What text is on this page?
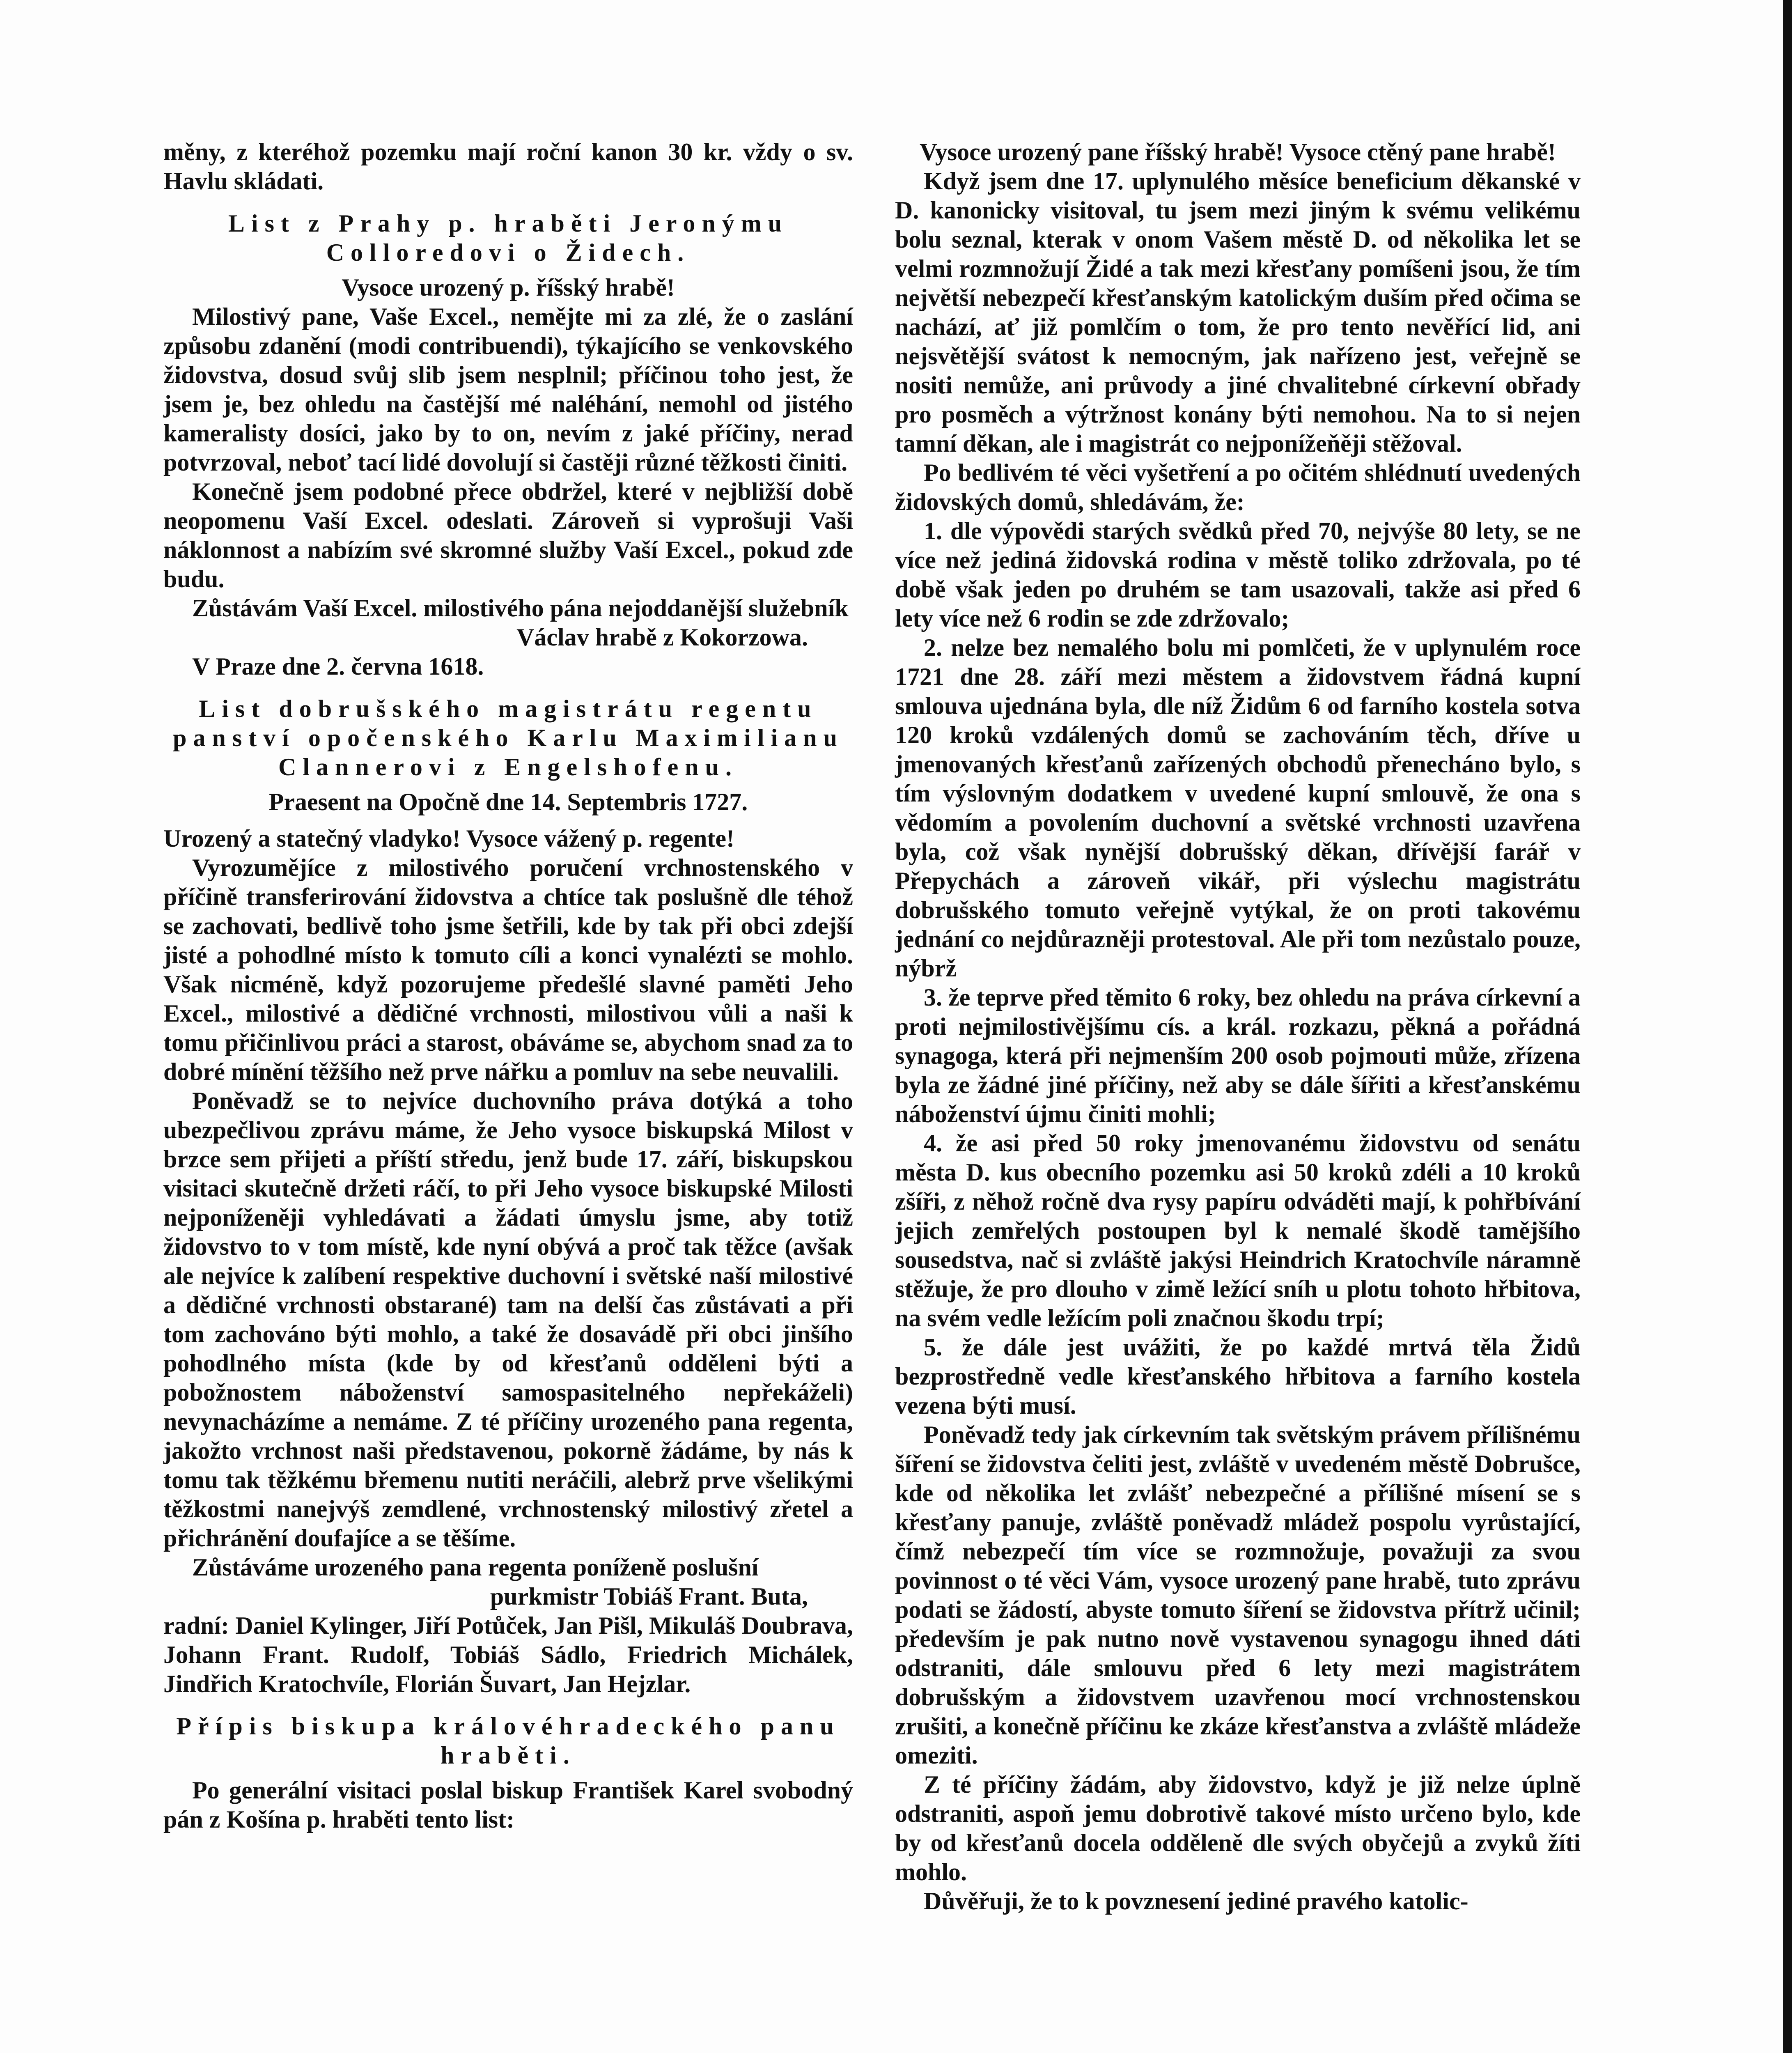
měny, z kteréhož pozemku mají roční kanon 30 kr. vždy o sv. Havlu skládati.

List z Prahy p. hraběti Jeronýmu Colloredovi o Židech.

Vysoce urozený p. říšský hrabě!

Milostivý pane, Vaše Excel., nemějte mi za zlé, že o zaslání způsobu zdanění (modi contribuendi), týkajícího se venkovského židovstva, dosud svůj slib jsem nesplnil; příčinou toho jest, že jsem je, bez ohledu na častější mé naléhání, nemohl od jistého kameralisty dosíci, jako by to on, nevím z jaké příčiny, nerad potvrzoval, neboť tací lidé dovolují si častěji různé těžkosti činiti.

Konečně jsem podobné přece obdržel, které v nejbližší době neopomenu Vaší Excel. odeslati. Zároveň si vyprošuji Vaši náklonnost a nabízím své skromné služby Vaší Excel., pokud zde budu.

Zůstávám Vaší Excel. milostivého pána nejoddanější služebník

Václav hrabě z Kokorzowa.

V Praze dne 2. června 1618.

List dobrušského magistrátu regentu panství opočenského Karlu Maximilianu Clannerovi z Engelshofenu.

Praesent na Opočně dne 14. Septembris 1727.

Urozený a statečný vladyko! Vysoce vážený p. regente!

Vyrozumějíce z milostivého poručení vrchnostenského v příčině transferirování židovstva a chtíce tak poslušně dle téhož se zachovati, bedlivě toho jsme šetřili, kde by tak při obci zdejší jisté a pohodlné místo k tomuto cíli a konci vynalézti se mohlo. Však nicméně, když pozorujeme předešlé slavné paměti Jeho Excel., milostivé a dědičné vrchnosti, milostivou vůli a naši k tomu přičinlivou práci a starost, obáváme se, abychom snad za to dobré mínění těžšího než prve nářku a pomluv na sebe neuvalili.

Poněvadž se to nejvíce duchovního práva dotýká a toho ubezpečlivou zprávu máme, že Jeho vysoce biskupská Milost v brzce sem přijeti a příští středu, jenž bude 17. září, biskupskou visitaci skutečně držeti ráčí, to při Jeho vysoce biskupské Milosti nejponíženěji vyhledávati a žádati úmyslu jsme, aby totiž židovstvo to v tom místě, kde nyní obývá a proč tak těžce (avšak ale nejvíce k zalíbení respektive duchovní i světské naší milostivé a dědičné vrchnosti obstarané) tam na delší čas zůstávati a při tom zachováno býti mohlo, a také že dosavádě při obci jinšího pohodlného místa (kde by od křesťanů odděleni býti a pobožnostem náboženství samospasitelného nepřekáželi) nevynacházíme a nemáme. Z té příčiny urozeného pana regenta, jakožto vrchnost naši představenou, pokorně žádáme, by nás k tomu tak těžkému břemenu nutiti neráčili, alebrž prve všelikými těžkostmi nanejvýš zemdlené, vrchnostenský milostivý zřetel a přichránění doufajíce a se těšíme.

Zůstáváme urozeného pana regenta poníženě poslušní

purkmistr Tobiáš Frant. Buta,

radní: Daniel Kylinger, Jiří Potůček, Jan Pišl, Mikuláš Doubrava, Johann Frant. Rudolf, Tobiáš Sádlo, Friedrich Michálek, Jindřich Kratochvíle, Florián Šuvart, Jan Hejzlar.

Přípis biskupa královéhradeckého panu hraběti.

Po generální visitaci poslal biskup František Karel svobodný pán z Košína p. hraběti tento list:

Vysoce urozený pane říšský hrabě! Vysoce ctěný pane hrabě!

Když jsem dne 17. uplynulého měsíce beneficium děkanské v D. kanonicky visitoval, tu jsem mezi jiným k svému velikému bolu seznal, kterak v onom Vašem městě D. od několika let se velmi rozmnožují Židé a tak mezi křesťany pomíšeni jsou, že tím největší nebezpečí křesťanským katolickým duším před očima se nachází, ať již pomlčím o tom, že pro tento nevěřící lid, ani nejsvětější svátost k nemocným, jak nařízeno jest, veřejně se nositi nemůže, ani průvody a jiné chvalitebné církevní obřady pro posměch a výtržnost konány býti nemohou. Na to si nejen tamní děkan, ale i magistrát co nejponížeňěji stěžoval.

Po bedlivém té věci vyšetření a po očitém shlédnutí uvedených židovských domů, shledávám, že:

1. dle výpovědi starých svědků před 70, nejvýše 80 lety, se ne více než jediná židovská rodina v městě toliko zdržovala, po té době však jeden po druhém se tam usazovali, takže asi před 6 lety více než 6 rodin se zde zdržovalo;

2. nelze bez nemalého bolu mi pomlčeti, že v uplynulém roce 1721 dne 28. září mezi městem a židovstvem řádná kupní smlouva ujednána byla, dle níž Židům 6 od farního kostela sotva 120 kroků vzdálených domů se zachováním těch, dříve u jmenovaných křesťanů zařízených obchodů přenecháno bylo, s tím výslovným dodatkem v uvedené kupní smlouvě, že ona s vědomím a povolením duchovní a světské vrchnosti uzavřena byla, což však nynější dobrušský děkan, dřívější farář v Přepychách a zároveň vikář, při výslechu magistrátu dobrušského tomuto veřejně vytýkal, že on proti takovému jednání co nejdůrazněji protestoval. Ale při tom nezůstalo pouze, nýbrž

3. že teprve před těmito 6 roky, bez ohledu na práva církevní a proti nejmilostivějšímu cís. a král. rozkazu, pěkná a pořádná synagoga, která při nejmenším 200 osob pojmouti může, zřízena byla ze žádné jiné příčiny, než aby se dále šířiti a křesťanskému náboženství újmu činiti mohli;

4. že asi před 50 roky jmenovanému židovstvu od senátu města D. kus obecního pozemku asi 50 kroků zdéli a 10 kroků zšíři, z něhož ročně dva rysy papíru odváděti mají, k pohřbívání jejich zemřelých postoupen byl k nemalé škodě tamějšího sousedstva, nač si zvláště jakýsi Heindrich Kratochvíle náramně stěžuje, že pro dlouho v zimě ležící sníh u plotu tohoto hřbitova, na svém vedle ležícím poli značnou škodu trpí;

5. že dále jest uvážiti, že po každé mrtvá těla Židů bezprostředně vedle křesťanského hřbitova a farního kostela vezena býti musí.

Poněvadž tedy jak církevním tak světským právem přílišnému šíření se židovstva čeliti jest, zvláště v uvedeném městě Dobrušce, kde od několika let zvlášť nebezpečné a přílišné mísení se s křesťany panuje, zvláště poněvadž mládež pospolu vyrůstající, čímž nebezpečí tím více se rozmnožuje, považuji za svou povinnost o té věci Vám, vysoce urozený pane hrabě, tuto zprávu podati se žádostí, abyste tomuto šíření se židovstva přítrž učinil; především je pak nutno nově vystavenou synagogu ihned dáti odstraniti, dále smlouvu před 6 lety mezi magistrátem dobrušským a židovstvem uzavřenou mocí vrchnostenskou zrušiti, a konečně příčinu ke zkáze křesťanstva a zvláště mládeže omeziti.

Z té příčiny žádám, aby židovstvo, když je již nelze úplně odstraniti, aspoň jemu dobrotivě takové místo určeno bylo, kde by od křesťanů docela odděleně dle svých obyčejů a zvyků žíti mohlo.

Důvěřuji, že to k povznesení jediné pravého katolic-
